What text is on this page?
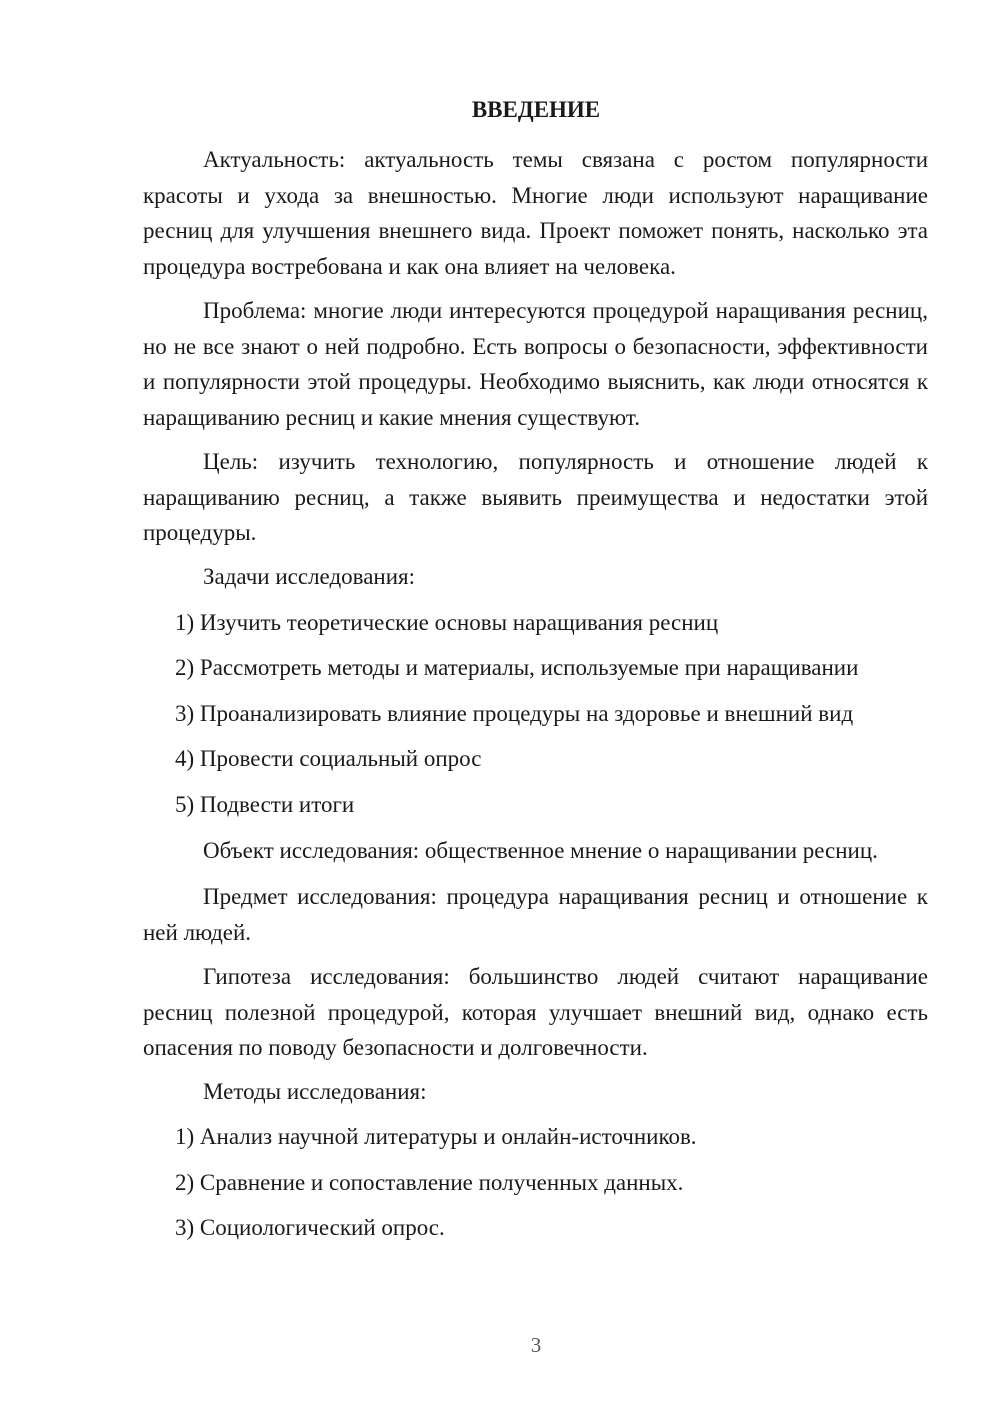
ВВЕДЕНИЕ
Актуальность: актуальность темы связана с ростом популярности красоты и ухода за внешностью. Многие люди используют наращивание ресниц для улучшения внешнего вида. Проект поможет понять, насколько эта процедура востребована и как она влияет на человека.
Проблема: многие люди интересуются процедурой наращивания ресниц, но не все знают о ней подробно. Есть вопросы о безопасности, эффективности и популярности этой процедуры. Необходимо выяснить, как люди относятся к наращиванию ресниц и какие мнения существуют.
Цель: изучить технологию, популярность и отношение людей к наращиванию ресниц, а также выявить преимущества и недостатки этой процедуры.
Задачи исследования:
1) Изучить теоретические основы наращивания ресниц
2) Рассмотреть методы и материалы, используемые при наращивании
3) Проанализировать влияние процедуры на здоровье и внешний вид
4) Провести социальный опрос
5) Подвести итоги
Объект исследования: общественное мнение о наращивании ресниц.
Предмет исследования: процедура наращивания ресниц и отношение к ней людей.
Гипотеза исследования: большинство людей считают наращивание ресниц полезной процедурой, которая улучшает внешний вид, однако есть опасения по поводу безопасности и долговечности.
Методы исследования:
1) Анализ научной литературы и онлайн-источников.
2) Сравнение и сопоставление полученных данных.
3) Социологический опрос.
3
